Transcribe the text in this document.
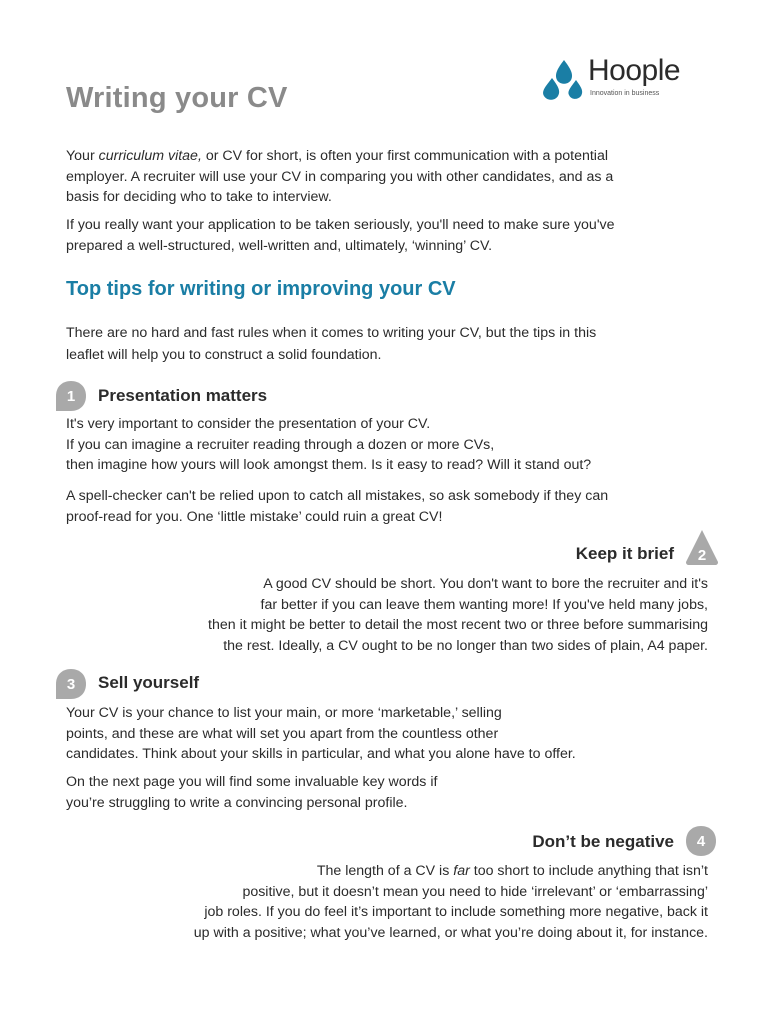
Writing your CV
Hoople
Innovation in business

Your curriculum vitae, or CV for short, is often your first communication with a potential
employer. A recruiter will use your CV in comparing you with other candidates, and as a
basis for deciding who to take to interview.

If you really want your application to be taken seriously, you'll need to make sure you've
prepared a well-structured, well-written and, ultimately, ‘winning’ CV.

Top tips for writing or improving your CV

There are no hard and fast rules when it comes to writing your CV, but the tips in this
leaflet will help you to construct a solid foundation.

1	Presentation matters

It's very important to consider the presentation of your CV.
If you can imagine a recruiter reading through a dozen or more CVs,
then imagine how yours will look amongst them. Is it easy to read? Will it stand out?

A spell-checker can't be relied upon to catch all mistakes, so ask somebody if they can
proof-read for you. One ‘little mistake’ could ruin a great CV!

Keep it brief	2

A good CV should be short. You don't want to bore the recruiter and it's
far better if you can leave them wanting more! If you've held many jobs,
then it might be better to detail the most recent two or three before summarising
the rest. Ideally, a CV ought to be no longer than two sides of plain, A4 paper.

3	Sell yourself

Your CV is your chance to list your main, or more ‘marketable,’ selling
points, and these are what will set you apart from the countless other
candidates. Think about your skills in particular, and what you alone have to offer.

On the next page you will find some invaluable key words if
you’re struggling to write a convincing personal profile.

Don’t be negative	4

The length of a CV is far too short to include anything that isn’t
positive, but it doesn’t mean you need to hide ‘irrelevant’ or ‘embarrassing’
job roles. If you do feel it’s important to include something more negative, back it
up with a positive; what you’ve learned, or what you’re doing about it, for instance.
